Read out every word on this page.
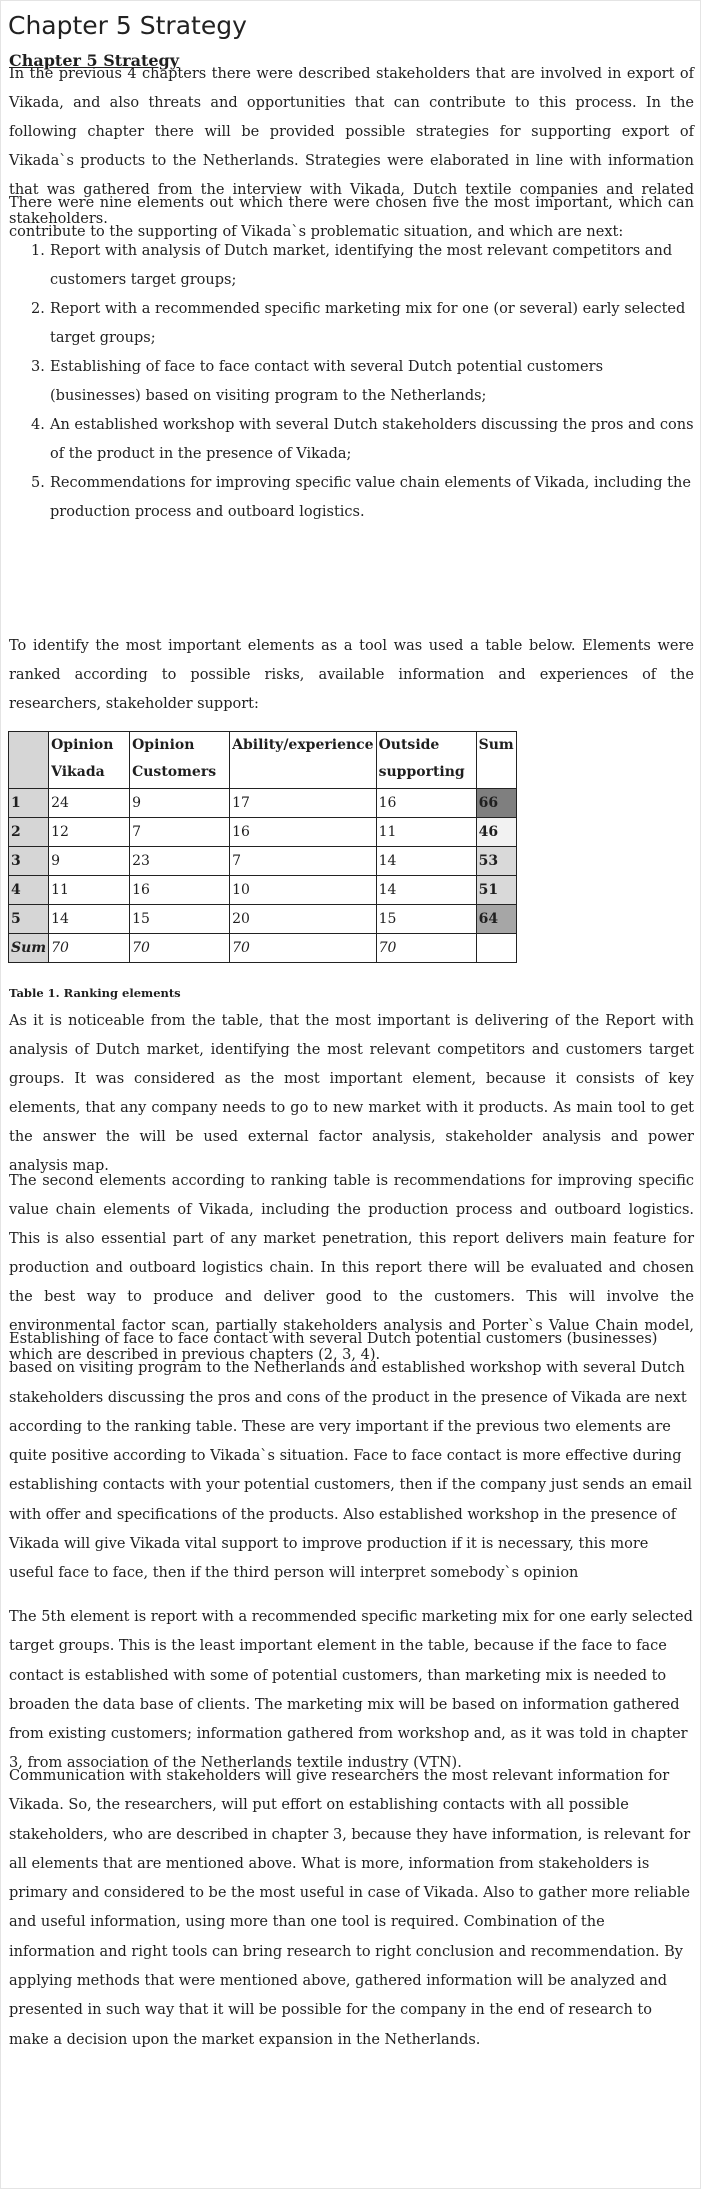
Chapter 5 Strategy
Chapter 5 Strategy

In the previous 4 chapters there were described stakeholders that are involved in export of Vikada, and also threats and opportunities that can contribute to this process. In the following chapter there will be provided possible strategies for supporting export of Vikada`s products to the Netherlands. Strategies were elaborated in line with information that was gathered from the interview with Vikada, Dutch textile companies and related stakeholders.

There were nine elements out which there were chosen five the most important, which can contribute to the supporting of Vikada`s problematic situation, and which are next:

1. Report with analysis of Dutch market, identifying the most relevant competitors and customers target groups;
2. Report with a recommended specific marketing mix for one (or several) early selected target groups;
3. Establishing of face to face contact with several Dutch potential customers (businesses) based on visiting program to the Netherlands;
4. An established workshop with several Dutch stakeholders discussing the pros and cons of the product in the presence of Vikada;
5. Recommendations for improving specific value chain elements of Vikada, including the production process and outboard logistics.

To identify the most important elements as a tool was used a table below. Elements were ranked according to possible risks, available information and experiences of the researchers, stakeholder support:

	Opinion Vikada	Opinion Customers	Ability/experience	Outside supporting	Sum
1	24	9	17	16	66
2	12	7	16	11	46
3	9	23	7	14	53
4	11	16	10	14	51
5	14	15	20	15	64
Sum	70	70	70	70	
Table 1. Ranking elements

As it is noticeable from the table, that the most important is delivering of the Report with analysis of Dutch market, identifying the most relevant competitors and customers target groups. It was considered as the most important element, because it consists of key elements, that any company needs to go to new market with it products. As main tool to get the answer the will be used external factor analysis, stakeholder analysis and power analysis map.

The second elements according to ranking table is recommendations for improving specific value chain elements of Vikada, including the production process and outboard logistics. This is also essential part of any market penetration, this report delivers main feature for production and outboard logistics chain. In this report there will be evaluated and chosen the best way to produce and deliver good to the customers. This will involve the environmental factor scan, partially stakeholders analysis and Porter`s Value Chain model, which are described in previous chapters (2, 3, 4).

Establishing of face to face contact with several Dutch potential customers (businesses) based on visiting program to the Netherlands and established workshop with several Dutch stakeholders discussing the pros and cons of the product in the presence of Vikada are next according to the ranking table. These are very important if the previous two elements are quite positive according to Vikada`s situation. Face to face contact is more effective during establishing contacts with your potential customers, then if the company just sends an email with offer and specifications of the products. Also established workshop in the presence of Vikada will give Vikada vital support to improve production if it is necessary, this more useful face to face, then if the third person will interpret somebody`s opinion

The 5th element is report with a recommended specific marketing mix for one early selected target groups. This is the least important element in the table, because if the face to face contact is established with some of potential customers, than marketing mix is needed to broaden the data base of clients. The marketing mix will be based on information gathered from existing customers; information gathered from workshop and, as it was told in chapter 3, from association of the Netherlands textile industry (VTN).

Communication with stakeholders will give researchers the most relevant information for Vikada. So, the researchers, will put effort on establishing contacts with all possible stakeholders, who are described in chapter 3, because they have information, is relevant for all elements that are mentioned above. What is more, information from stakeholders is primary and considered to be the most useful in case of Vikada. Also to gather more reliable and useful information, using more than one tool is required. Combination of the information and right tools can bring research to right conclusion and recommendation. By applying methods that were mentioned above, gathered information will be analyzed and presented in such way that it will be possible for the company in the end of research to make a decision upon the market expansion in the Netherlands.
